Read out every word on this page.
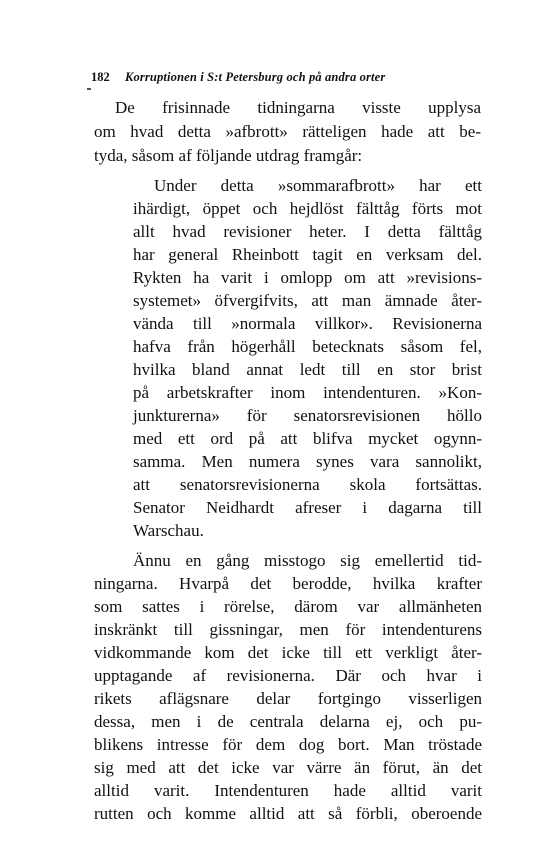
182 Korruptionen i S:t Petersburg och på andra orter
De frisinnade tidningarna visste upplysa
om hvad detta »afbrott» rätteligen hade att be-
tyda, såsom af följande utdrag framgår:
Under detta »sommarafbrott» har ett
ihärdigt, öppet och hejdlöst fälttåg förts mot
allt hvad revisioner heter. I detta fälttåg
har general Rheinbott tagit en verksam del.
Rykten ha varit i omlopp om att »revisions-
systemet» öfvergifvits, att man ämnade åter-
vända till »normala villkor». Revisionerna
hafva från högerhåll betecknats såsom fel,
hvilka bland annat ledt till en stor brist
på arbetskrafter inom intendenturen. »Kon-
junkturerna» för senatorsrevisionen höllo
med ett ord på att blifva mycket ogynn-
samma. Men numera synes vara sannolikt,
att senatorsrevisionerna skola fortsättas.
Senator Neidhardt afreser i dagarna till
Warschau.
Ännu en gång misstogo sig emellertid tid-
ningarna. Hvarpå det berodde, hvilka krafter
som sattes i rörelse, därom var allmänheten
inskränkt till gissningar, men för intendenturens
vidkommande kom det icke till ett verkligt åter-
upptagande af revisionerna. Där och hvar i
rikets aflägsnare delar fortgingo visserligen
dessa, men i de centrala delarna ej, och pu-
blikens intresse för dem dog bort. Man tröstade
sig med att det icke var värre än förut, än det
alltid varit. Intendenturen hade alltid varit
rutten och komme alltid att så förbli, oberoende
